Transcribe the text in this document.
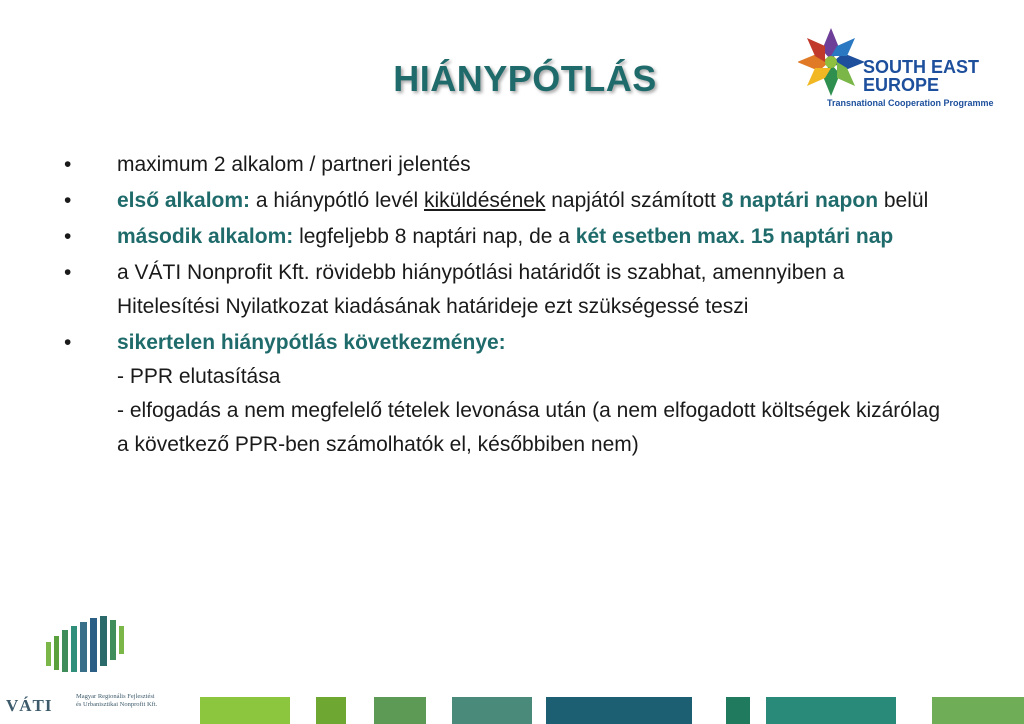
HIÁNYPÓTLÁS	SOUTH EAST
EUROPE
Transnational Cooperation Programme
•	maximum 2 alkalom / partneri jelentés
•	első alkalom: a hiánypótló levél kiküldésének napjától számított 8 naptári napon belül
•	második alkalom: legfeljebb 8 naptári nap, de a két esetben max. 15 naptári nap
•	a VÁTI Nonprofit Kft. rövidebb hiánypótlási határidőt is szabhat, amennyiben a Hitelesítési Nyilatkozat kiadásának határideje ezt szükségessé teszi
•	sikertelen hiánypótlás következménye:
- PPR elutasítása
- elfogadás a nem megfelelő tételek levonása után (a nem elfogadott költségek kizárólag a következő PPR-ben számolhatók el, későbbiben nem)
VÁTI	Magyar Regionális Fejlesztési
és Urbanisztikai Nonprofit Kft.
